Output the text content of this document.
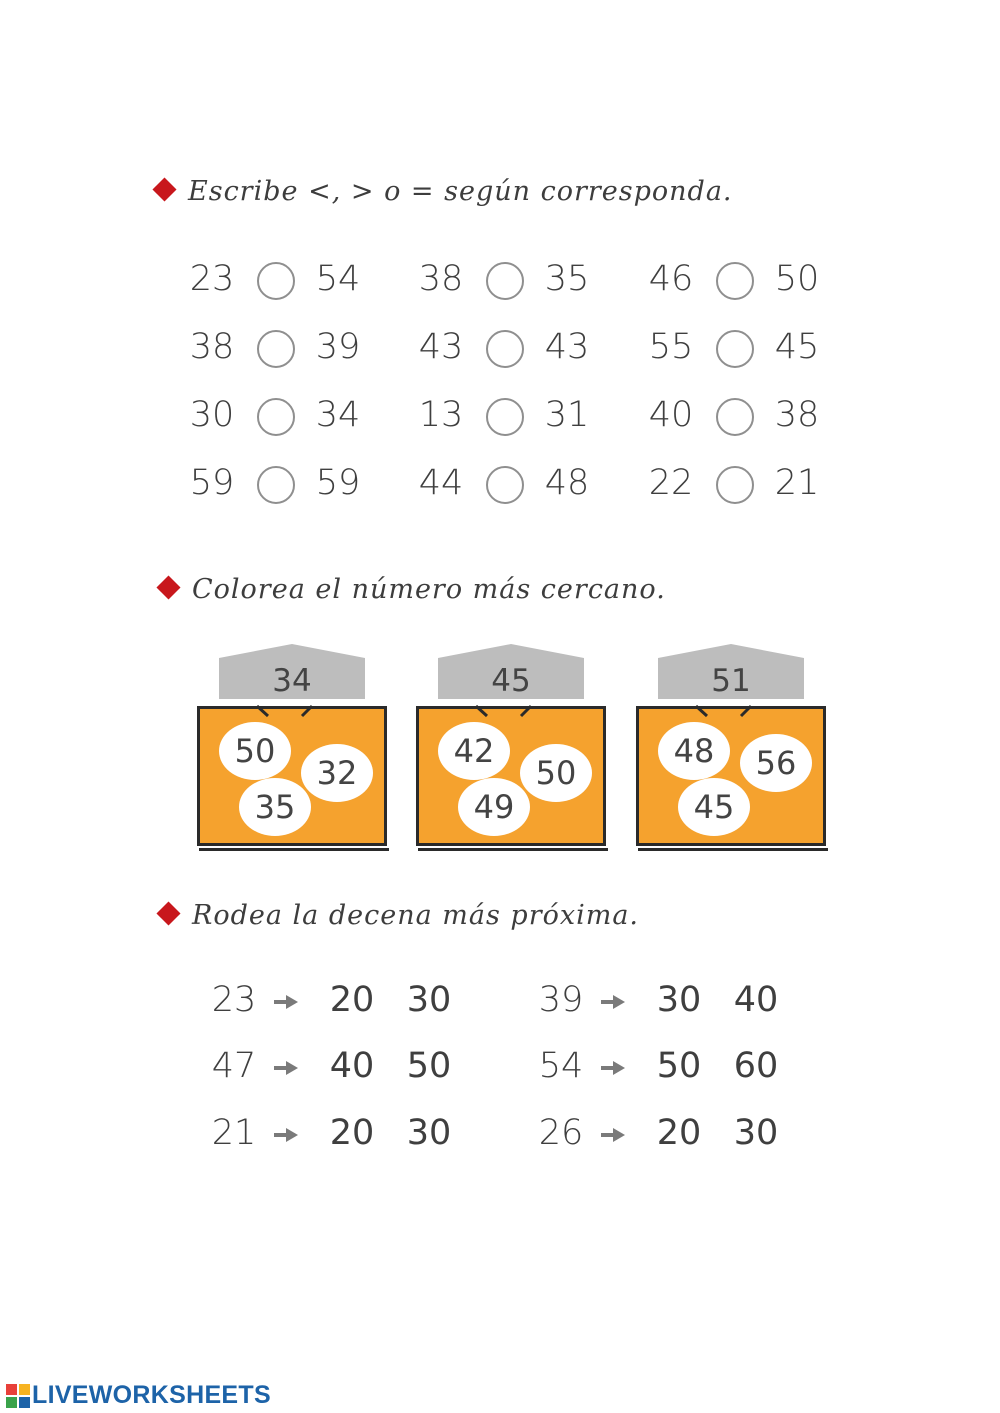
Escribe <, > o = según corresponda.
23	54	38	35	46	50
38	39	43	43	55	45
30	34	13	31	40	38
59	59	44	48	22	21
Colorea el número más cercano.
34
50
32
35
45
42
50
49
51
48	56
45
Rodea la decena más próxima.
23	20 30	39	30 40
47	40 50	54	50 60
21	20 30	26	20 30
LIVEWORKSHEETS
